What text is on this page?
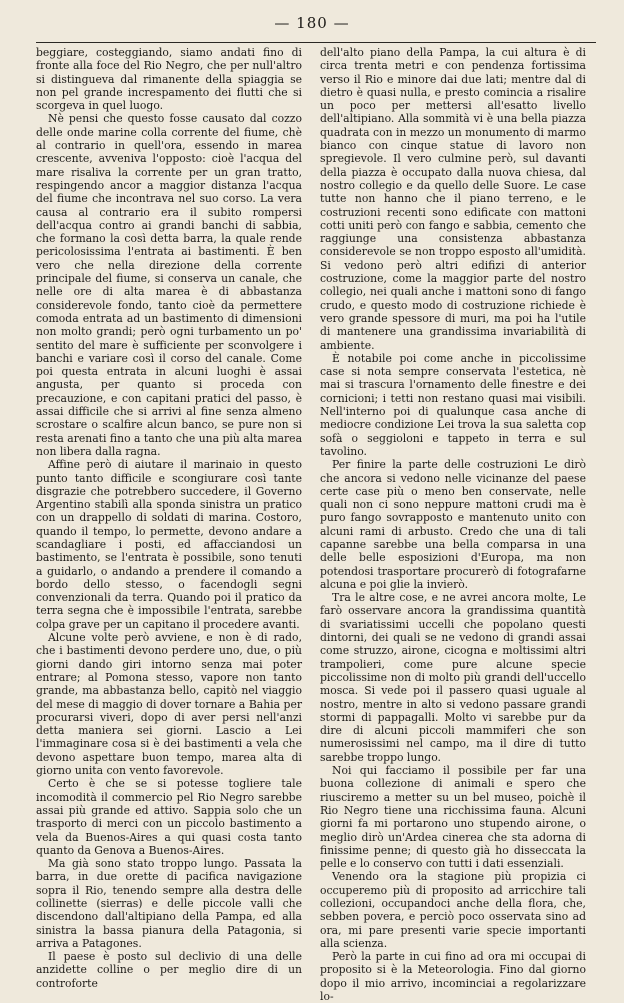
— 180 —

beggiare, costeggiando, siamo andati fino di fronte alla foce del Rio Negro, che per null'altro si distingueva dal rimanente della spiaggia se non pel grande increspamento dei flutti che si scorgeva in quel luogo.

Nè pensi che questo fosse causato dal cozzo delle onde marine colla corrente del fiume, chè al contrario in quell'ora, essendo in marea crescente, avveniva l'opposto: cioè l'acqua del mare risaliva la corrente per un gran tratto, respingendo ancor a maggior distanza l'acqua del fiume che incontrava nel suo corso. La vera causa al contrario era il subito rompersi dell'acqua contro ai grandi banchi di sabbia, che formano la così detta barra, la quale rende pericolosissima l'entrata ai bastimenti. È ben vero che nella direzione della corrente principale del fiume, si conserva un canale, che nelle ore di alta marea è di abbastanza considerevole fondo, tanto cioè da permettere comoda entrata ad un bastimento di dimensioni non molto grandi; però ogni turbamento un po' sentito del mare è sufficiente per sconvolgere i banchi e variare così il corso del canale. Come poi questa entrata in alcuni luoghi è assai angusta, per quanto si proceda con precauzione, e con capitani pratici del passo, è assai difficile che si arrivi al fine senza almeno scrostare o scalfire alcun banco, se pure non si resta arenati fino a tanto che una più alta marea non libera dalla ragna.

Affine però di aiutare il marinaio in questo punto tanto difficile e scongiurare così tante disgrazie che potrebbero succedere, il Governo Argentino stabilì alla sponda sinistra un pratico con un drappello di soldati di marina. Costoro, quando il tempo, lo permette, devono andare a scandagliare i posti, ed affacciandosi un bastimento, se l'entrata è possibile, sono tenuti a guidarlo, o andando a prendere il comando a bordo dello stesso, o facendogli segni convenzionali da terra. Quando poi il pratico da terra segna che è impossibile l'entrata, sarebbe colpa grave per un capitano il procedere avanti.

Alcune volte però avviene, e non è di rado, che i bastimenti devono perdere uno, due, o più giorni dando giri intorno senza mai poter entrare; al Pomona stesso, vapore non tanto grande, ma abbastanza bello, capitò nel viaggio del mese di maggio di dover tornare a Bahia per procurarsi viveri, dopo di aver persi nell'anzi detta maniera sei giorni. Lascio a Lei l'immaginare cosa si è dei bastimenti a vela che devono aspettare buon tempo, marea alta di giorno unita con vento favorevole.

Certo è che se si potesse togliere tale incomodità il commercio pel Rio Negro sarebbe assai più grande ed attivo. Sappia solo che un trasporto di merci con un piccolo bastimento a vela da Buenos-Aires a qui quasi costa tanto quanto da Genova a Buenos-Aires.

Ma già sono stato troppo lungo. Passata la barra, in due orette di pacifica navigazione sopra il Rio, tenendo sempre alla destra delle collinette (sierras) e delle piccole valli che discendono dall'altipiano della Pampa, ed alla sinistra la bassa pianura della Patagonia, si arriva a Patagones.

Il paese è posto sul declivio di una delle anzidette colline o per meglio dire di un controforte

dell'alto piano della Pampa, la cui altura è di circa trenta metri e con pendenza fortissima verso il Rio e minore dai due lati; mentre dal di dietro è quasi nulla, e presto comincia a risalire un poco per mettersi all'esatto livello dell'altipiano. Alla sommità vi è una bella piazza quadrata con in mezzo un monumento di marmo bianco con cinque statue di lavoro non spregievole. Il vero culmine però, sul davanti della piazza è occupato dalla nuova chiesa, dal nostro collegio e da quello delle Suore. Le case tutte non hanno che il piano terreno, e le costruzioni recenti sono edificate con mattoni cotti uniti però con fango e sabbia, cemento che raggiunge una consistenza abbastanza considerevole se non troppo esposto all'umidità. Si vedono però altri edifizi di anterior costruzione, come la maggior parte del nostro collegio, nei quali anche i mattoni sono di fango crudo, e questo modo di costruzione richiede è vero grande spessore di muri, ma poi ha l'utile di mantenere una grandissima invariabilità di ambiente.

È notabile poi come anche in piccolissime case si nota sempre conservata l'estetica, nè mai si trascura l'ornamento delle finestre e dei cornicioni; i tetti non restano quasi mai visibili. Nell'interno poi di qualunque casa anche di mediocre condizione Lei trova la sua saletta cop sofà o seggioloni e tappeto in terra e sul tavolino.

Per finire la parte delle costruzioni Le dirò che ancora si vedono nelle vicinanze del paese certe case più o meno ben conservate, nelle quali non ci sono neppure mattoni crudi ma è puro fango sovrapposto e mantenuto unito con alcuni rami di arbusto. Credo che una di tali capanne sarebbe una bella comparsa in una delle belle esposizioni d'Europa, ma non potendosi trasportare procurerò di fotografarne alcuna e poi glie la invierò.

Tra le altre cose, e ne avrei ancora molte, Le farò osservare ancora la grandissima quantità di svariatissimi uccelli che popolano questi dintorni, dei quali se ne vedono di grandi assai come struzzo, airone, cicogna e moltissimi altri trampolieri, come pure alcune specie piccolissime non di molto più grandi dell'uccello mosca. Si vede poi il passero quasi uguale al nostro, mentre in alto si vedono passare grandi stormi di pappagalli. Molto vi sarebbe pur da dire di alcuni piccoli mammiferi che son numerosissimi nel campo, ma il dire di tutto sarebbe troppo lungo.

Noi qui facciamo il possibile per far una buona collezione di animali e spero che riusciremo a metter su un bel museo, poichè il Rio Negro tiene una ricchissima fauna. Alcuni giorni fa mi portarono uno stupendo airone, o meglio dirò un'Ardea cinerea che sta adorna di finissime penne; di questo già ho disseccata la pelle e lo conservo con tutti i dati essenziali.

Venendo ora la stagione più propizia ci occuperemo più di proposito ad arricchire tali collezioni, occupandoci anche della flora, che, sebben povera, e perciò poco osservata sino ad ora, mi pare presenti varie specie importanti alla scienza.

Però la parte in cui fino ad ora mi occupai di proposito si è la Meteorologia. Fino dal giorno dopo il mio arrivo, incominciai a regolarizzare lo-
